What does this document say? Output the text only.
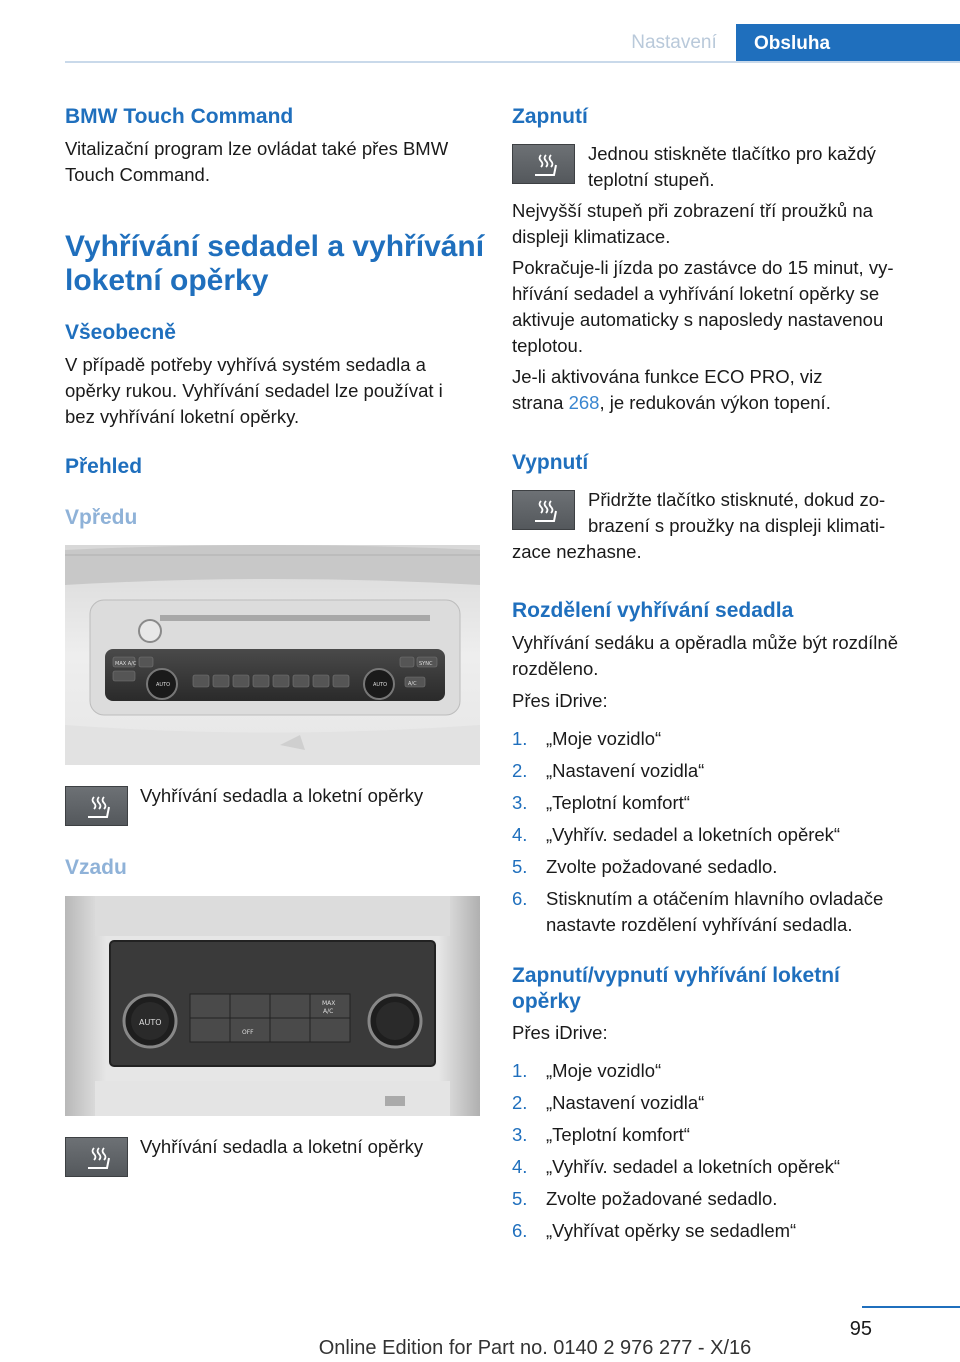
Nastavení	Obsluha
BMW Touch Command
Vitalizační program lze ovládat také přes BMW
Touch Command.
Vyhřívání sedadel a vyhřívání
loketní opěrky
Všeobecně
V případě potřeby vyhřívá systém sedadla a
opěrky rukou. Vyhřívání sedadel lze používat i
bez vyhřívání loketní opěrky.
Přehled
Vpředu
MAX A/C
AUTO	AUTO
SYNC
A/C
Vyhřívání sedadla a loketní opěrky
Vzadu
AUTO
OFF
MAX
A/C
Vyhřívání sedadla a loketní opěrky
Zapnutí
Jednou stiskněte tlačítko pro každý
teplotní stupeň.
Nejvyšší stupeň při zobrazení tří proužků na
displeji klimatizace.
Pokračuje-li jízda po zastávce do 15 minut, vy-
hřívání sedadel a vyhřívání loketní opěrky se
aktivuje automaticky s naposledy nastavenou
teplotou.
Je-li aktivována funkce ECO PRO, viz
strana 268, je redukován výkon topení.
Vypnutí
Přidržte tlačítko stisknuté, dokud zo-
brazení s proužky na displeji klimati-
zace nezhasne.
Rozdělení vyhřívání sedadla
Vyhřívání sedáku a opěradla může být rozdílně
rozděleno.
Přes iDrive:
1. „Moje vozidlo“
2. „Nastavení vozidla“
3. „Teplotní komfort“
4. „Vyhřív. sedadel a loketních opěrek“
5. Zvolte požadované sedadlo.
6. Stisknutím a otáčením hlavního ovladače
nastavte rozdělení vyhřívání sedadla.
Zapnutí/vypnutí vyhřívání loketní
opěrky
Přes iDrive:
1. „Moje vozidlo“
2. „Nastavení vozidla“
3. „Teplotní komfort“
4. „Vyhřív. sedadel a loketních opěrek“
5. Zvolte požadované sedadlo.
6. „Vyhřívat opěrky se sedadlem“
95
Online Edition for Part no. 0140 2 976 277 - X/16
